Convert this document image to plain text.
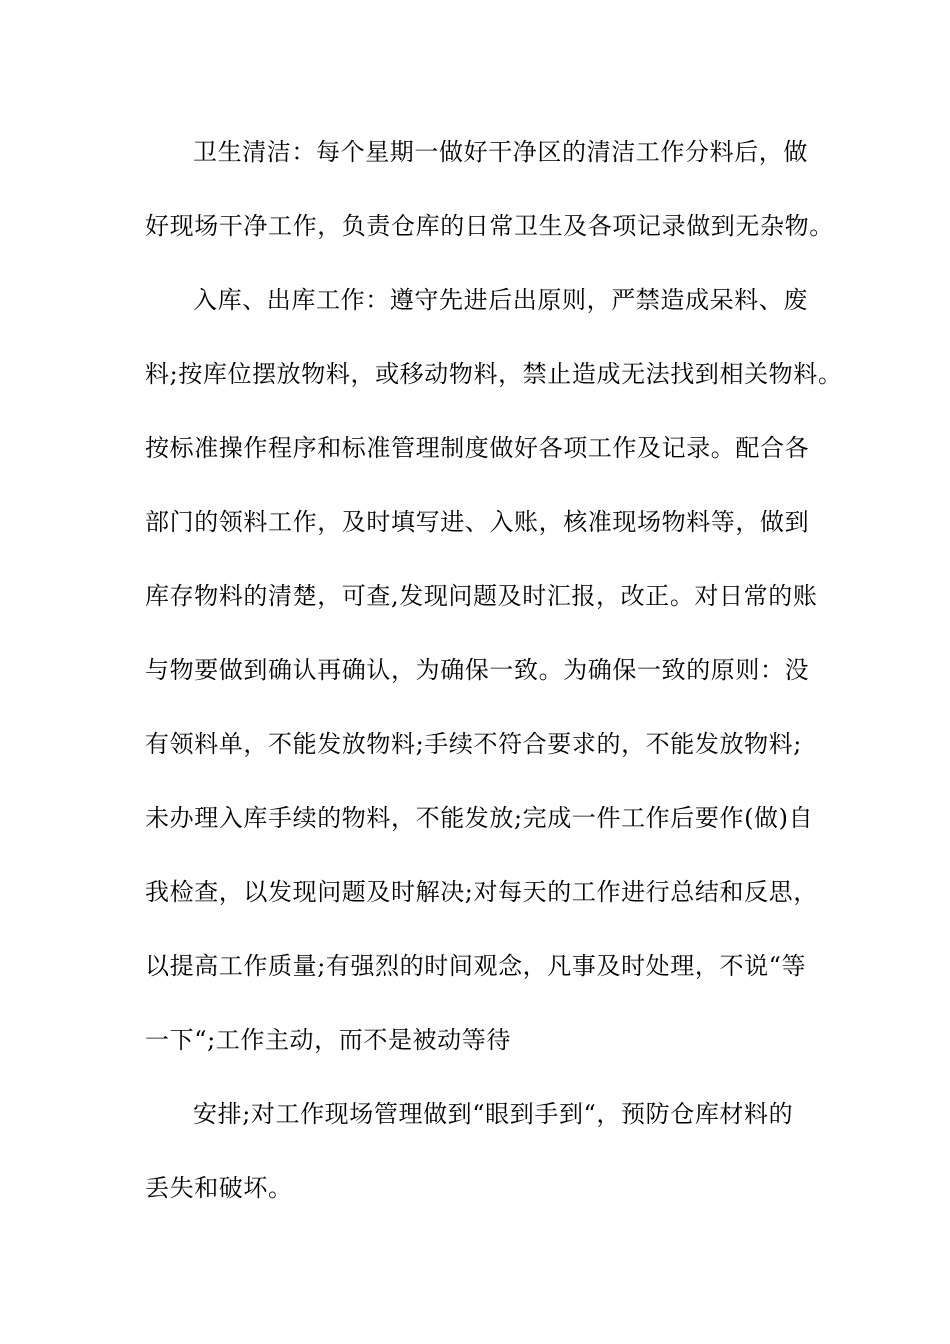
卫生清洁：每个星期一做好干净区的清洁工作分料后，做
好现场干净工作，负责仓库的日常卫生及各项记录做到无杂物。
入库、出库工作：遵守先进后出原则，严禁造成呆料、废
料;按库位摆放物料，或移动物料，禁止造成无法找到相关物料。
按标准操作程序和标准管理制度做好各项工作及记录。配合各
部门的领料工作，及时填写进、入账，核准现场物料等，做到
库存物料的清楚，可查,发现问题及时汇报，改正。对日常的账
与物要做到确认再确认，为确保一致。为确保一致的原则：没
有领料单，不能发放物料;手续不符合要求的，不能发放物料;
未办理入库手续的物料，不能发放;完成一件工作后要作(做)自
我检查，以发现问题及时解决;对每天的工作进行总结和反思，
以提高工作质量;有强烈的时间观念，凡事及时处理，不说“等
一下“;工作主动，而不是被动等待
安排;对工作现场管理做到“眼到手到“，预防仓库材料的
丢失和破坏。
